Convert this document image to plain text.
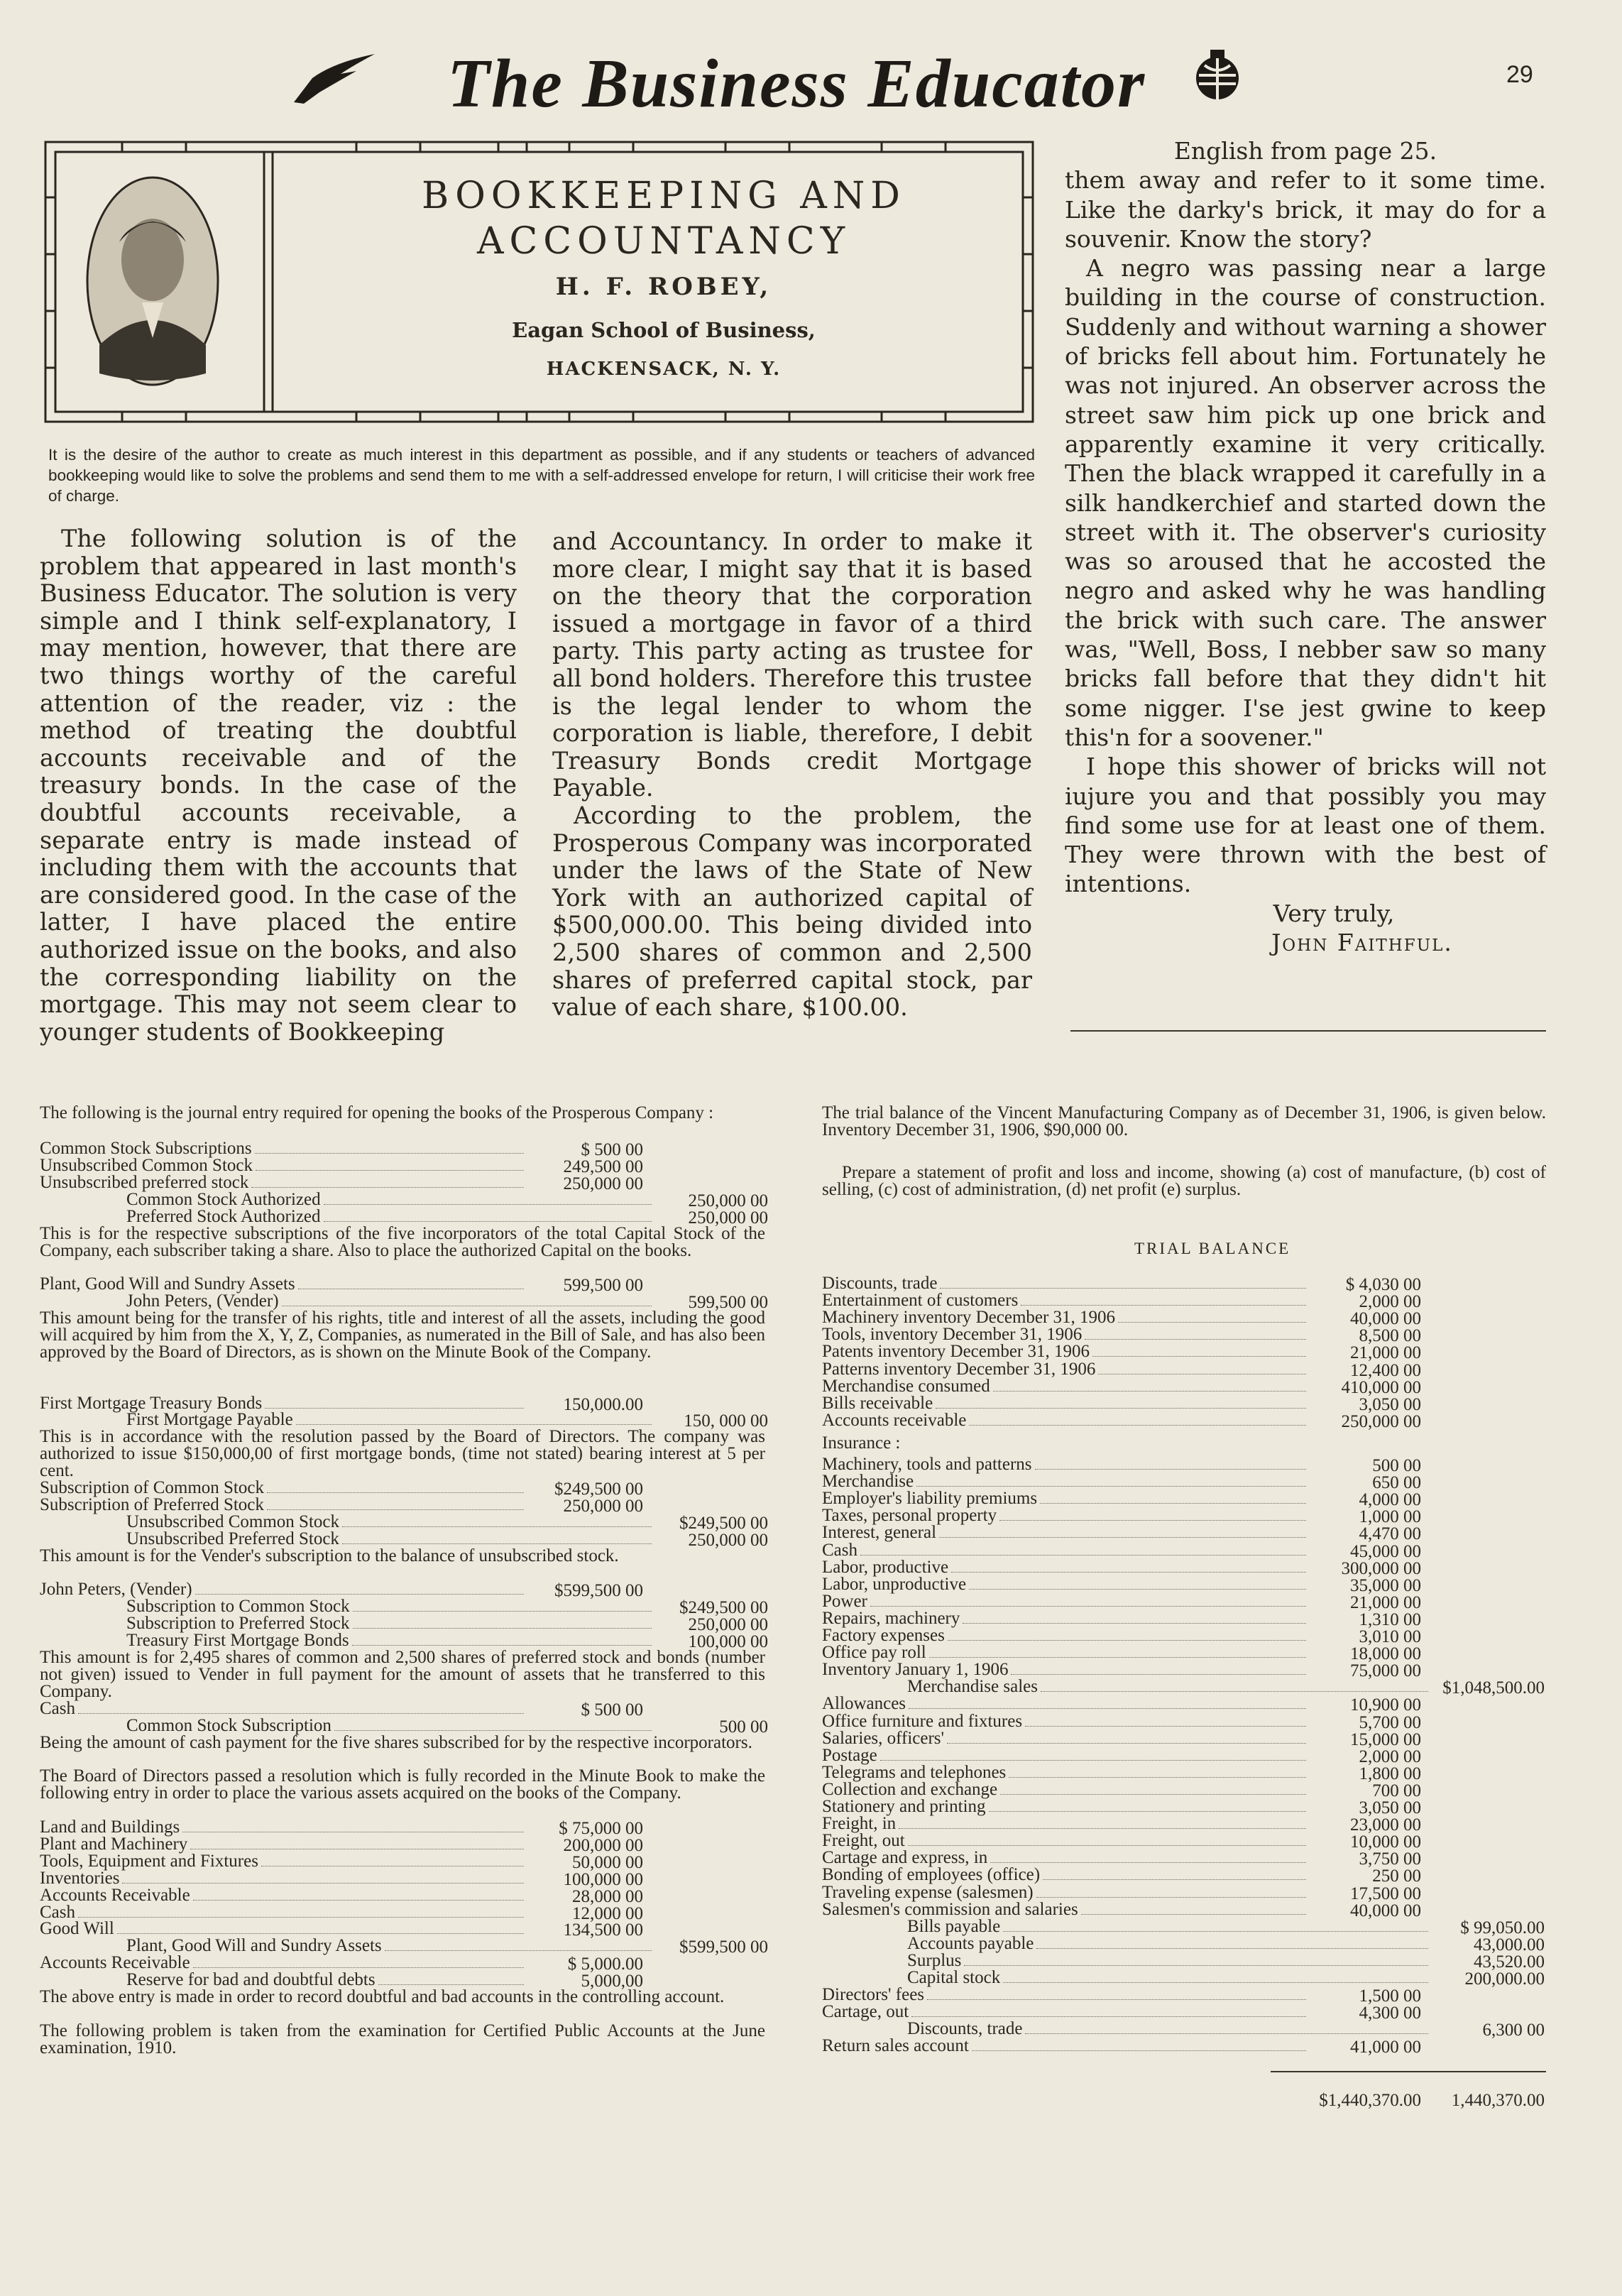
The Business Educator	29
BOOKKEEPING AND
ACCOUNTANCY
H. F. ROBEY,
Eagan School of Business,
HACKENSACK, N. Y.
It is the desire of the author to create as much interest in this department as possible, and if any students or teachers of advanced bookkeeping would like to solve the problems and send them to me with a self-addressed envelope for return, I will criticise their work free of charge.

The following solution is of the problem that appeared in last month's Business Educator. The solution is very simple and I think self-explanatory, I may mention, however, that there are two things worthy of the careful attention of the reader, viz : the method of treating the doubtful accounts receivable and of the treasury bonds. In the case of the doubtful accounts receivable, a separate entry is made instead of including them with the accounts that are considered good. In the case of the latter, I have placed the entire authorized issue on the books, and also the corresponding liability on the mortgage. This may not seem clear to younger students of Bookkeeping

and Accountancy. In order to make it more clear, I might say that it is based on the theory that the corporation issued a mortgage in favor of a third party. This party acting as trustee for all bond holders. Therefore this trustee is the legal lender to whom the corporation is liable, therefore, I debit Treasury Bonds credit Mortgage Payable.

According to the problem, the Prosperous Company was incorporated under the laws of the State of New York with an authorized capital of $500,000.00. This being divided into 2,500 shares of common and 2,500 shares of preferred capital stock, par value of each share, $100.00.

English from page 25.

them away and refer to it some time. Like the darky's brick, it may do for a souvenir. Know the story?

A negro was passing near a large building in the course of construction. Suddenly and without warning a shower of bricks fell about him. Fortunately he was not injured. An observer across the street saw him pick up one brick and apparently examine it very critically. Then the black wrapped it carefully in a silk handkerchief and started down the street with it. The observer's curiosity was so aroused that he accosted the negro and asked why he was handling the brick with such care. The answer was, "Well, Boss, I nebber saw so many bricks fall before that they didn't hit some nigger. I'se jest gwine to keep this'n for a soovener."

I hope this shower of bricks will not iujure you and that possibly you may find some use for at least one of them. They were thrown with the best of intentions.

Very truly,

John Faithful.

The following is the journal entry required for opening the books of the Prosperous Company :
Common Stock Subscriptions	$ 500 00
Unsubscribed Common Stock	249,500 00
Unsubscribed preferred stock	250,000 00
Common Stock Authorized	250,000 00
Preferred Stock Authorized	250,000 00
This is for the respective subscriptions of the five incorporators of the total Capital Stock of the Company, each subscriber taking a share. Also to place the authorized Capital on the books.
Plant, Good Will and Sundry Assets	599,500 00
John Peters, (Vender)	599,500 00
This amount being for the transfer of his rights, title and interest of all the assets, including the good will acquired by him from the X, Y, Z, Companies, as numerated in the Bill of Sale, and has also been approved by the Board of Directors, as is shown on the Minute Book of the Company.
First Mortgage Treasury Bonds	150,000.00
First Mortgage Payable	150, 000 00
This is in accordance with the resolution passed by the Board of Directors. The company was authorized to issue $150,000,00 of first mortgage bonds, (time not stated) bearing interest at 5 per cent.
Subscription of Common Stock	$249,500 00
Subscription of Preferred Stock	250,000 00
Unsubscribed Common Stock	$249,500 00
Unsubscribed Preferred Stock	250,000 00
This amount is for the Vender's subscription to the balance of unsubscribed stock.
John Peters, (Vender)	$599,500 00
Subscription to Common Stock	$249,500 00
Subscription to Preferred Stock	250,000 00
Treasury First Mortgage Bonds	100,000 00
This amount is for 2,495 shares of common and 2,500 shares of preferred stock and bonds (number not given) issued to Vender in full payment for the amount of assets that he transferred to this Company.
Cash	$ 500 00
Common Stock Subscription	500 00
Being the amount of cash payment for the five shares subscribed for by the respective incorporators.
The Board of Directors passed a resolution which is fully recorded in the Minute Book to make the following entry in order to place the various assets acquired on the books of the Company.
Land and Buildings	$ 75,000 00
Plant and Machinery	200,000 00
Tools, Equipment and Fixtures	50,000 00
Inventories	100,000 00
Accounts Receivable	28,000 00
Cash	12,000 00
Good Will	134,500 00
Plant, Good Will and Sundry Assets	$599,500 00
Accounts Receivable	$ 5,000.00
Reserve for bad and doubtful debts	5,000,00
The above entry is made in order to record doubtful and bad accounts in the controlling account.
The following problem is taken from the examination for Certified Public Accounts at the June examination, 1910.
The trial balance of the Vincent Manufacturing Company as of December 31, 1906, is given below. Inventory December 31, 1906, $90,000 00.
Prepare a statement of profit and loss and income, showing (a) cost of manufacture, (b) cost of selling, (c) cost of administration, (d) net profit (e) surplus.
Discounts, trade	$ 4,030 00
Entertainment of customers	2,000 00
Machinery inventory December 31, 1906	40,000 00
Tools, inventory December 31, 1906	8,500 00
Patents inventory December 31, 1906	21,000 00
Patterns inventory December 31, 1906	12,400 00
Merchandise consumed	410,000 00
Bills receivable	3,050 00
Accounts receivable	250,000 00
Insurance :
Machinery, tools and patterns	500 00
Merchandise	650 00
Employer's liability premiums	4,000 00
Taxes, personal property	1,000 00
Interest, general	4,470 00
Cash	45,000 00
Labor, productive	300,000 00
Labor, unproductive	35,000 00
Power	21,000 00
Repairs, machinery	1,310 00
Factory expenses	3,010 00
Office pay roll	18,000 00
Inventory January 1, 1906	75,000 00
Merchandise sales	$1,048,500.00
Allowances	10,900 00
Office furniture and fixtures	5,700 00
Salaries, officers'	15,000 00
Postage	2,000 00
Telegrams and telephones	1,800 00
Collection and exchange	700 00
Stationery and printing	3,050 00
Freight, in	23,000 00
Freight, out	10,000 00
Cartage and express, in	3,750 00
Bonding of employees (office)	250 00
Traveling expense (salesmen)	17,500 00
Salesmen's commission and salaries	40,000 00
Bills payable	$ 99,050.00
Accounts payable	43,000.00
Surplus	43,520.00
Capital stock	200,000.00
Directors' fees	1,500 00
Cartage, out	4,300 00
Discounts, trade	6,300 00
Return sales account	41,000 00
$1,440,370.00	1,440,370.00
TRIAL BALANCE
